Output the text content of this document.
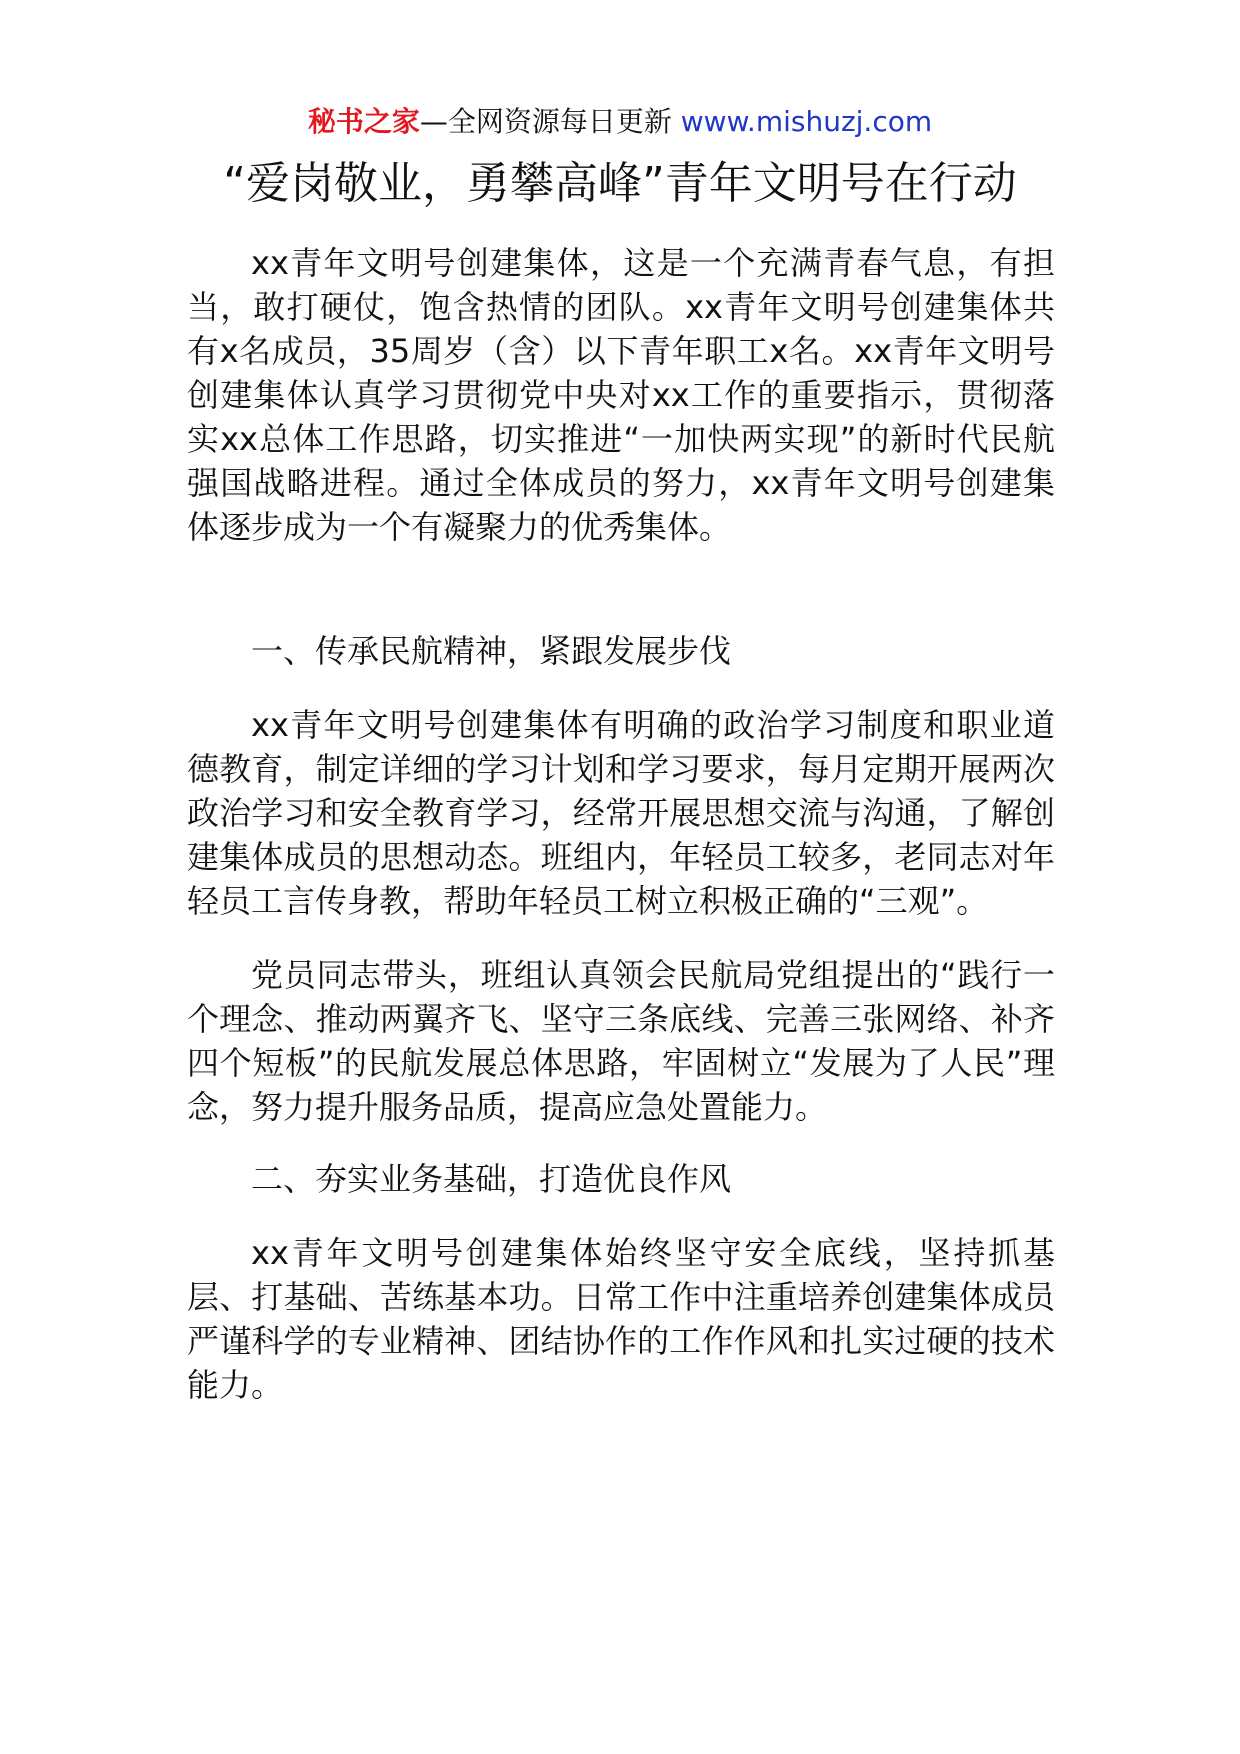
秘书之家—全网资源每日更新 www.mishuzj.com
“爱岗敬业，勇攀高峰”青年文明号在行动

xx青年文明号创建集体，这是一个充满青春气息，有担当，敢打硬仗，饱含热情的团队。xx青年文明号创建集体共有x名成员，35周岁（含）以下青年职工x名。xx青年文明号创建集体认真学习贯彻党中央对xx工作的重要指示，贯彻落实xx总体工作思路，切实推进“一加快两实现”的新时代民航强国战略进程。通过全体成员的努力，xx青年文明号创建集体逐步成为一个有凝聚力的优秀集体。

一、传承民航精神，紧跟发展步伐

xx青年文明号创建集体有明确的政治学习制度和职业道德教育，制定详细的学习计划和学习要求，每月定期开展两次政治学习和安全教育学习，经常开展思想交流与沟通，了解创建集体成员的思想动态。班组内，年轻员工较多，老同志对年轻员工言传身教，帮助年轻员工树立积极正确的“三观”。

党员同志带头，班组认真领会民航局党组提出的“践行一个理念、推动两翼齐飞、坚守三条底线、完善三张网络、补齐四个短板”的民航发展总体思路，牢固树立“发展为了人民”理念，努力提升服务品质，提高应急处置能力。

二、夯实业务基础，打造优良作风

xx青年文明号创建集体始终坚守安全底线，坚持抓基层、打基础、苦练基本功。日常工作中注重培养创建集体成员严谨科学的专业精神、团结协作的工作作风和扎实过硬的技术能力。
